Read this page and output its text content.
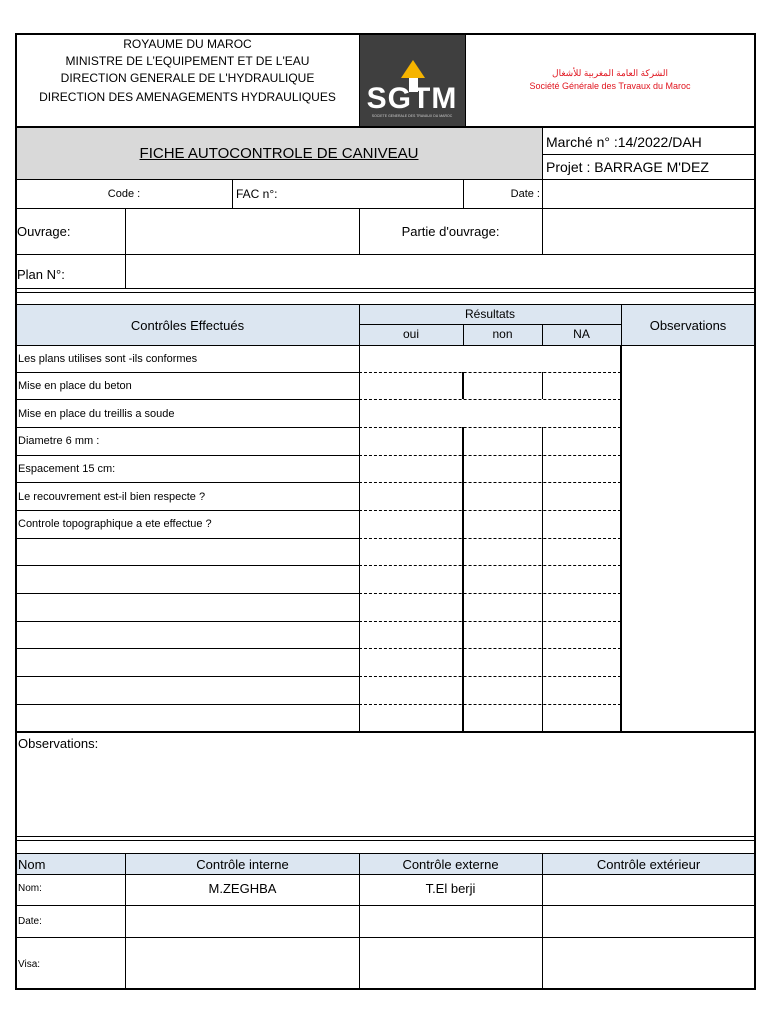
ROYAUME DU MAROC
MINISTRE DE L’EQUIPEMENT ET DE L'EAU
DIRECTION GENERALE DE L'HYDRAULIQUE
DIRECTION DES AMENAGEMENTS HYDRAULIQUES	SGTM
SOCIETE GENERALE DES TRAVAUX DU MAROC
الشركة العامة المغربية للأشغال
Société Générale des Travaux du Maroc
FICHE AUTOCONTROLE DE CANIVEAU
Marché n° :14/2022/DAH
Projet : BARRAGE M'DEZ
Code :	FAC n°:	Date :
Ouvrage:	Partie d'ouvrage:
Plan N°:
Contrôles Effectués
Résultats
oui	non	NA
Observations
Les plans utilises sont -ils conformes
Mise en place du beton
Mise en place du treillis a soude
Diametre 6 mm :
Espacement 15 cm:
Le recouvrement est-il bien respecte ?
Controle topographique a ete effectue ?
Observations:
Nom	Contrôle interne	Contrôle externe	Contrôle extérieur
Nom:	M.ZEGHBA	T.El berji
Date:
Visa:
